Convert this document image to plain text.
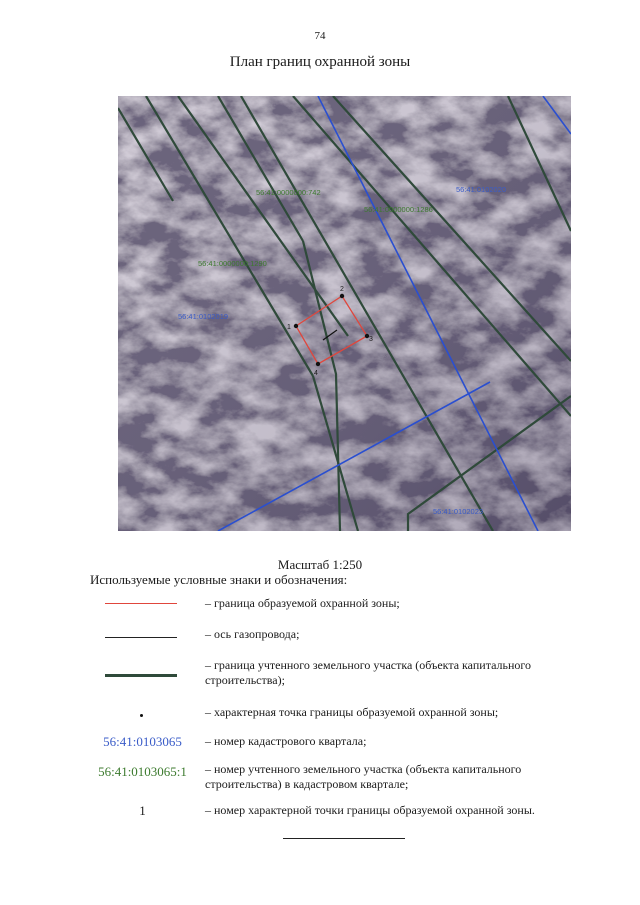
74
План границ охранной зоны
1
2
3
4
56:41:0102020
56:41:0102019
56:41:0102023
56:41:0000000:742
56:41:0000000:1286
56:41:0000000:1290
Масштаб 1:250
Используемые условные знаки и обозначения:
– граница образуемой охранной зоны;
– ось газопровода;
– граница учтенного земельного участка (объекта капитального строительства);
– характерная точка границы образуемой охранной зоны;
56:41:0103065	– номер кадастрового квартала;
56:41:0103065:1	– номер учтенного земельного участка (объекта капитального строительства) в кадастровом квартале;
1	– номер характерной точки границы образуемой охранной зоны.
